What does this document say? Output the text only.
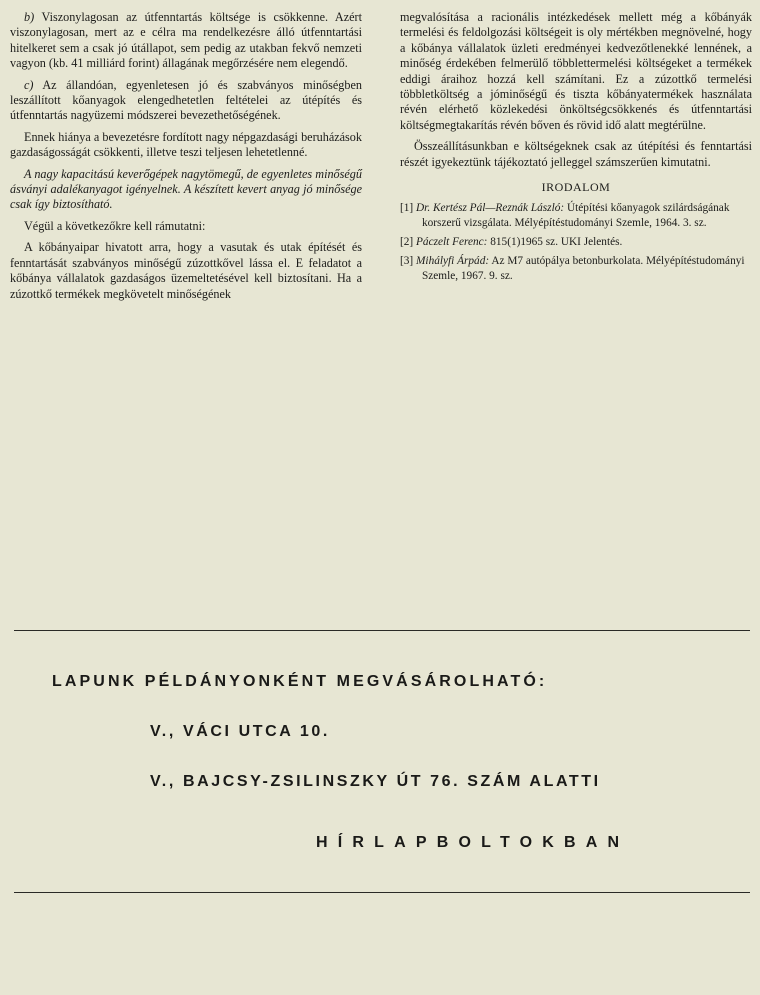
b) Viszonylagosan az útfenntartás költsége is csökkenne. Azért viszonylagosan, mert az e célra ma rendelkezésre álló útfenntartási hitelkeret sem a csak jó útállapot, sem pedig az utakban fekvő nemzeti vagyon (kb. 41 milliárd forint) állagának megőrzésére nem elegendő.

c) Az állandóan, egyenletesen jó és szabványos minőségben leszállított kőanyagok elengedhetetlen feltételei az útépítés és útfenntartás nagyüzemi módszerei bevezethetőségének.

Ennek hiánya a bevezetésre fordított nagy népgazdasági beruházások gazdaságosságát csökkenti, illetve teszi teljesen lehetetlenné.

A nagy kapacitású keverőgépek nagytömegű, de egyenletes minőségű ásványi adalékanyagot igényelnek. A készített kevert anyag jó minősége csak így biztosítható.

Végül a következőkre kell rámutatni:

A kőbányaipar hivatott arra, hogy a vasutak és utak építését és fenntartását szabványos minőségű zúzottkővel lássa el. E feladatot a kőbánya vállalatok gazdaságos üzemeltetésével kell biztosítani. Ha a zúzottkő termékek megkövetelt minőségének

megvalósítása a racionális intézkedések mellett még a kőbányák termelési és feldolgozási költségeit is oly mértékben megnövelné, hogy a kőbánya vállalatok üzleti eredményei kedvezőtlenekké lennének, a minőség érdekében felmerülő többlettermelési költségeket a termékek eddigi áraihoz hozzá kell számítani. Ez a zúzottkő termelési többletköltség a jóminőségű és tiszta kőbányatermékek használata révén elérhető közlekedési önköltségcsökkenés és útfenntartási költségmegtakarítás révén bőven és rövid idő alatt megtérülne.

Összeállításunkban e költségeknek csak az útépítési és fenntartási részét igyekeztünk tájékoztató jelleggel számszerűen kimutatni.

IRODALOM
[1] Dr. Kertész Pál—Reznák László: Útépítési kőanyagok szilárdságának korszerű vizsgálata. Mélyépítéstudományi Szemle, 1964. 3. sz.
[2] Páczelt Ferenc: 815(1)1965 sz. UKI Jelentés.
[3] Mihályfi Árpád: Az M7 autópálya betonburkolata. Mélyépítéstudományi Szemle, 1967. 9. sz.
LAPUNK PÉLDÁNYONKÉNT MEGVÁSÁROLHATÓ:
V., VÁCI UTCA 10.
V., BAJCSY-ZSILINSZKY ÚT 76. SZÁM ALATTI
HÍRLAPBOLTOKBAN
